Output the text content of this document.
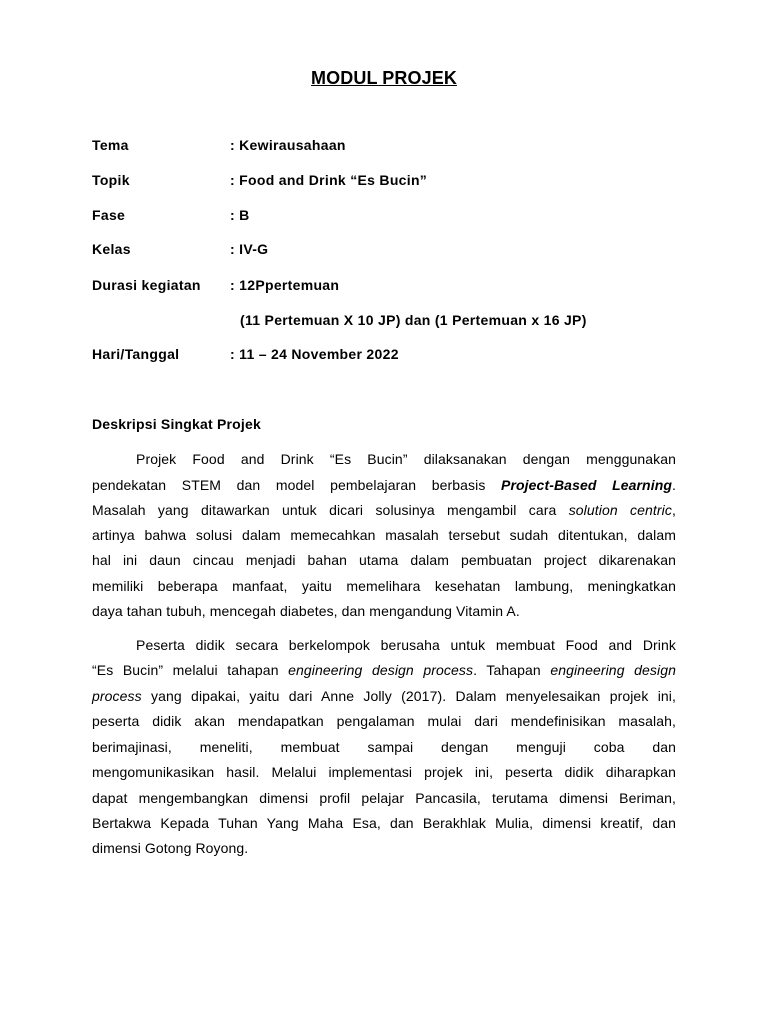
MODUL PROJEK
Tema	: Kewirausahaan
Topik	: Food and Drink “Es Bucin”
Fase	: B
Kelas	: IV-G
Durasi kegiatan : 12Ppertemuan
(11 Pertemuan X 10 JP) dan (1 Pertemuan x 16 JP)
Hari/Tanggal	: 11 – 24 November 2022
Deskripsi Singkat Projek
Projek Food and Drink “Es Bucin” dilaksanakan dengan menggunakan
pendekatan STEM dan model pembelajaran berbasis Project-Based Learning.
Masalah yang ditawarkan untuk dicari solusinya mengambil cara solution centric,
artinya bahwa solusi dalam memecahkan masalah tersebut sudah ditentukan, dalam
hal ini daun cincau menjadi bahan utama dalam pembuatan project dikarenakan
memiliki beberapa manfaat, yaitu memelihara kesehatan lambung, meningkatkan
daya tahan tubuh, mencegah diabetes, dan mengandung Vitamin A.
Peserta didik secara berkelompok berusaha untuk membuat Food and Drink
“Es Bucin” melalui tahapan engineering design process. Tahapan engineering design
process yang dipakai, yaitu dari Anne Jolly (2017). Dalam menyelesaikan projek ini,
peserta didik akan mendapatkan pengalaman mulai dari mendefinisikan masalah,
berimajinasi, meneliti, membuat sampai dengan menguji coba dan
mengomunikasikan hasil. Melalui implementasi projek ini, peserta didik diharapkan
dapat mengembangkan dimensi profil pelajar Pancasila, terutama dimensi Beriman,
Bertakwa Kepada Tuhan Yang Maha Esa, dan Berakhlak Mulia, dimensi kreatif, dan
dimensi Gotong Royong.
